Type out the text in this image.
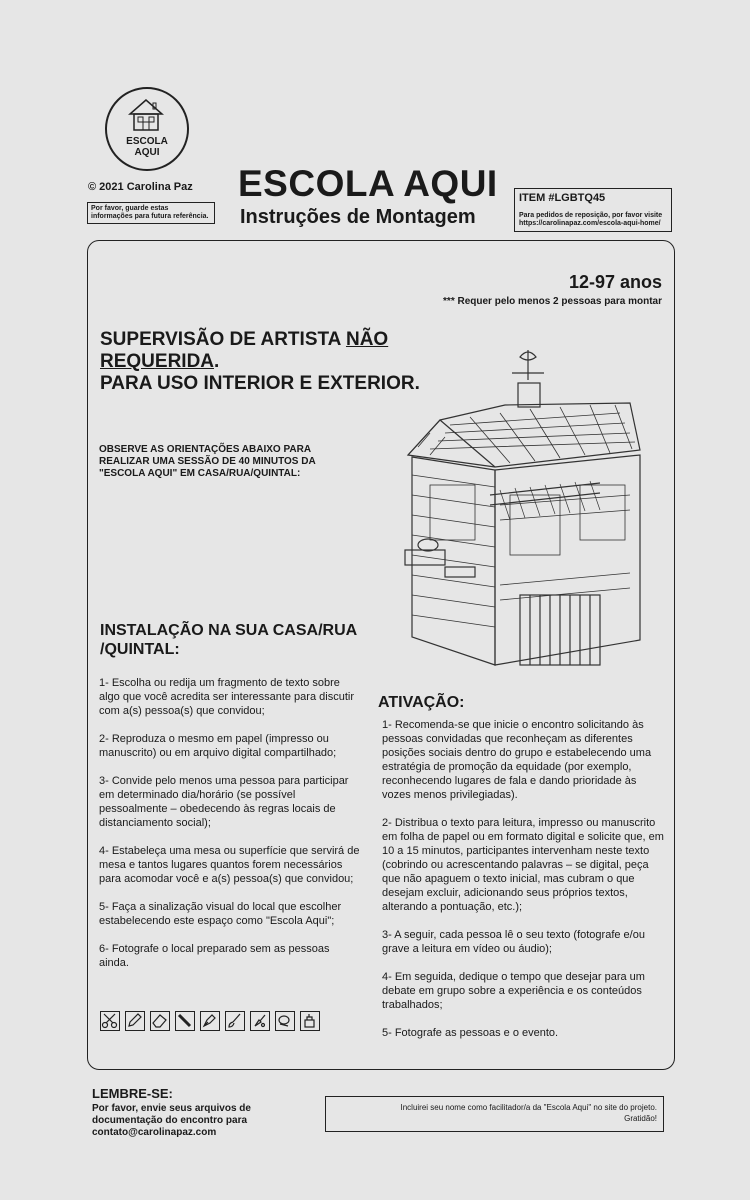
ESCOLA
AQUI
© 2021 Carolina Paz
Por favor, guarde estas informações para futura referência.
ESCOLA AQUI
Instruções de Montagem
ITEM #LGBTQ45
Para pedidos de reposição, por favor visite
https://carolinapaz.com/escola-aqui-home/
12-97 anos
*** Requer pelo menos 2 pessoas para montar
SUPERVISÃO DE ARTISTA NÃO
REQUERIDA.
PARA USO INTERIOR E EXTERIOR.
OBSERVE AS ORIENTAÇÕES ABAIXO PARA REALIZAR UMA SESSÃO DE 40 MINUTOS DA "ESCOLA AQUI" EM CASA/RUA/QUINTAL:
INSTALAÇÃO NA SUA CASA/RUA
/QUINTAL:

1- Escolha ou redija um fragmento de texto sobre algo que você acredita ser interessante para discutir com a(s) pessoa(s) que convidou;

2- Reproduza o mesmo em papel (impresso ou manuscrito) ou em arquivo digital compartilhado;

3- Convide pelo menos uma pessoa para participar em determinado dia/horário (se possível pessoalmente – obedecendo às regras locais de distanciamento social);

4- Estabeleça uma mesa ou superfície que servirá de mesa e tantos lugares quantos forem necessários para acomodar você e a(s) pessoa(s) que convidou;

5- Faça a sinalização visual do local que escolher estabelecendo este espaço como "Escola Aqui";

6- Fotografe o local preparado sem as pessoas ainda.

ATIVAÇÃO:

1- Recomenda-se que inicie o encontro solicitando às pessoas convidadas que reconheçam as diferentes posições sociais dentro do grupo e estabelecendo uma estratégia de promoção da equidade (por exemplo, reconhecendo lugares de fala e dando prioridade às vozes menos privilegiadas).

2- Distribua o texto para leitura, impresso ou manuscrito em folha de papel ou em formato digital e solicite que, em 10 a 15 minutos, participantes intervenham neste texto (cobrindo ou acrescentando palavras – se digital, peça que não apaguem o texto inicial, mas cubram o que desejam excluir, adicionando seus próprios textos, alterando a pontuação, etc.);

3- A seguir, cada pessoa lê o seu texto (fotografe e/ou grave a leitura em vídeo ou áudio);

4- Em seguida, dedique o tempo que desejar para um debate em grupo sobre a experiência e os conteúdos trabalhados;

5- Fotografe as pessoas e o evento.

LEMBRE-SE:
Por favor, envie seus arquivos de documentação do encontro para contato@carolinapaz.com
Incluirei seu nome como facilitador/a da "Escola Aqui" no site do projeto.
Gratidão!
